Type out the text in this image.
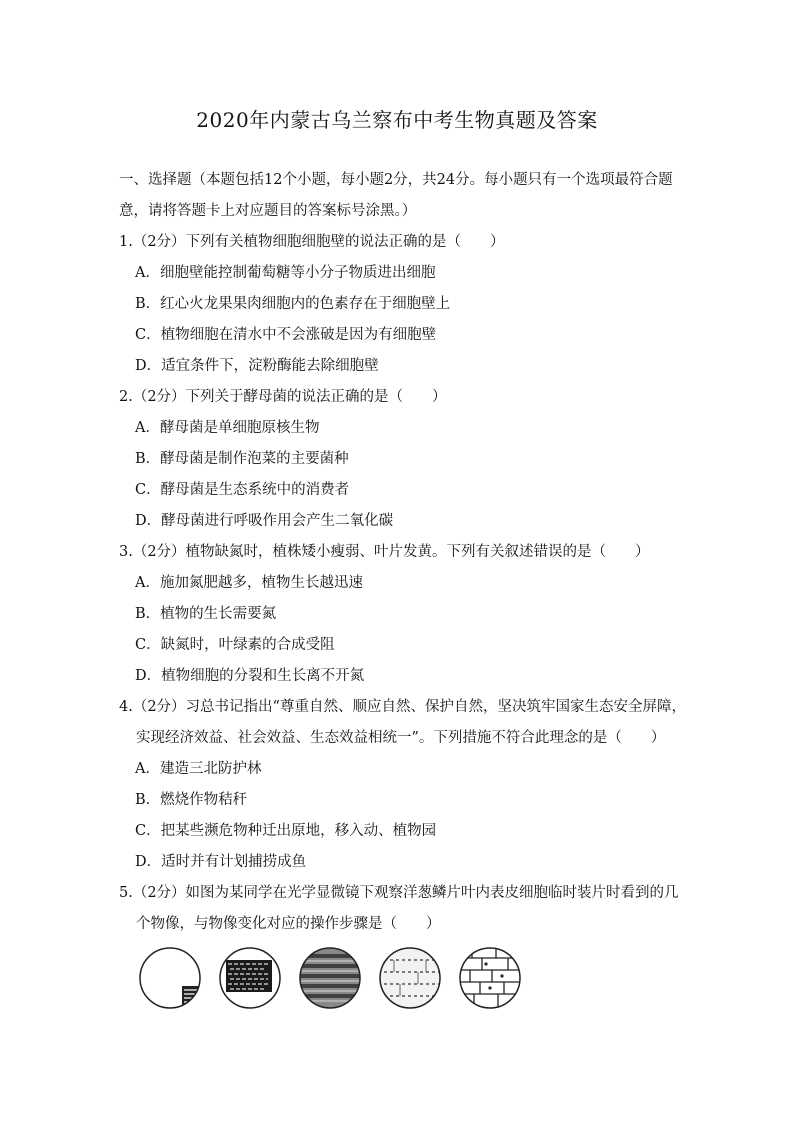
2020年内蒙古乌兰察布中考生物真题及答案
一、选择题（本题包括12个小题，每小题2分，共24分。每小题只有一个选项最符合题
意，请将答题卡上对应题目的答案标号涂黑。）
1.（2分）下列有关植物细胞细胞壁的说法正确的是（　　）
A．细胞壁能控制葡萄糖等小分子物质进出细胞
B．红心火龙果果肉细胞内的色素存在于细胞壁上
C．植物细胞在清水中不会涨破是因为有细胞壁
D．适宜条件下，淀粉酶能去除细胞壁
2.（2分）下列关于酵母菌的说法正确的是（　　）
A．酵母菌是单细胞原核生物
B．酵母菌是制作泡菜的主要菌种
C．酵母菌是生态系统中的消费者
D．酵母菌进行呼吸作用会产生二氧化碳
3.（2分）植物缺氮时，植株矮小瘦弱、叶片发黄。下列有关叙述错误的是（　　）
A．施加氮肥越多，植物生长越迅速
B．植物的生长需要氮
C．缺氮时，叶绿素的合成受阻
D．植物细胞的分裂和生长离不开氮
4.（2分）习总书记指出“尊重自然、顺应自然、保护自然，坚决筑牢国家生态安全屏障，
实现经济效益、社会效益、生态效益相统一”。下列措施不符合此理念的是（　　）
A．建造三北防护林
B．燃烧作物秸秆
C．把某些濒危物种迁出原地，移入动、植物园
D．适时并有计划捕捞成鱼
5.（2分）如图为某同学在光学显微镜下观察洋葱鳞片叶内表皮细胞临时装片时看到的几
个物像，与物像变化对应的操作步骤是（　　）
